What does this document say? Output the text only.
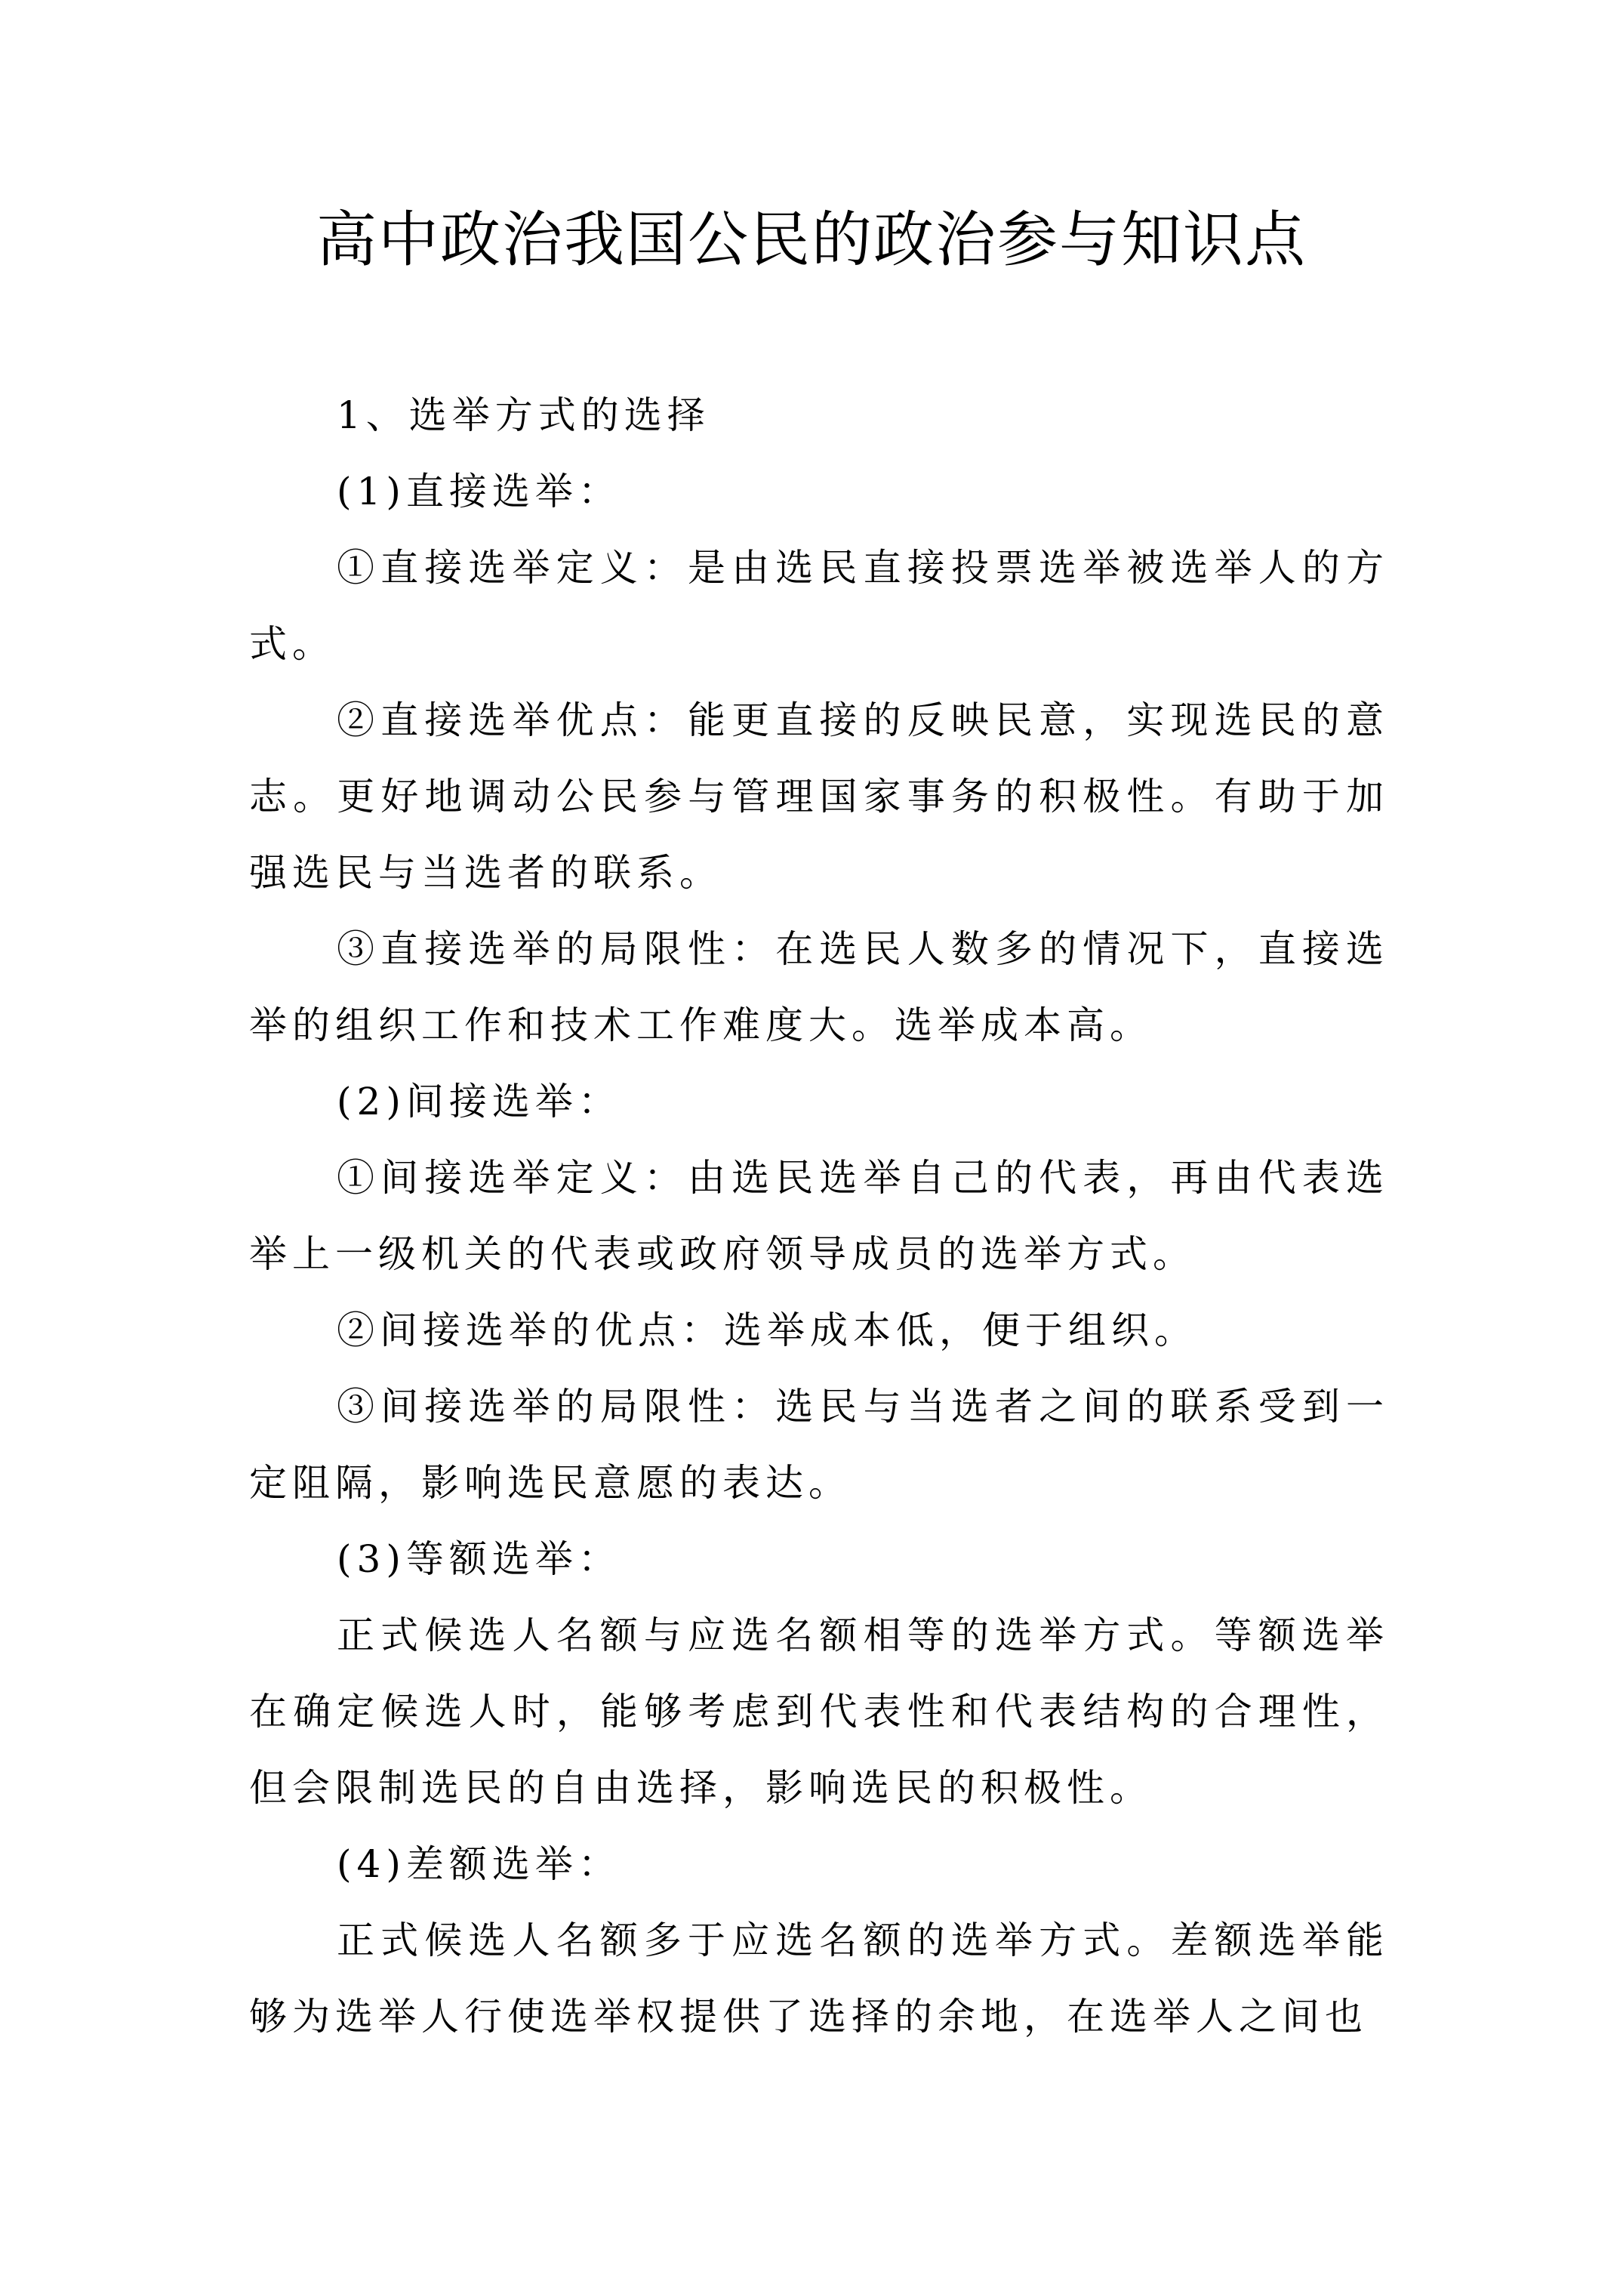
高中政治我国公民的政治参与知识点

1、选举方式的选择

(1)直接选举：

①直接选举定义：是由选民直接投票选举被选举人的方式。

②直接选举优点：能更直接的反映民意，实现选民的意志。更好地调动公民参与管理国家事务的积极性。有助于加强选民与当选者的联系。

③直接选举的局限性：在选民人数多的情况下，直接选举的组织工作和技术工作难度大。选举成本高。

(2)间接选举：

①间接选举定义：由选民选举自己的代表，再由代表选举上一级机关的代表或政府领导成员的选举方式。

②间接选举的优点：选举成本低，便于组织。

③间接选举的局限性：选民与当选者之间的联系受到一定阻隔，影响选民意愿的表达。

(3)等额选举：

正式候选人名额与应选名额相等的选举方式。等额选举在确定候选人时，能够考虑到代表性和代表结构的合理性，但会限制选民的自由选择，影响选民的积极性。

(4)差额选举：

正式候选人名额多于应选名额的选举方式。差额选举能够为选举人行使选举权提供了选择的余地，在选举人之间也
